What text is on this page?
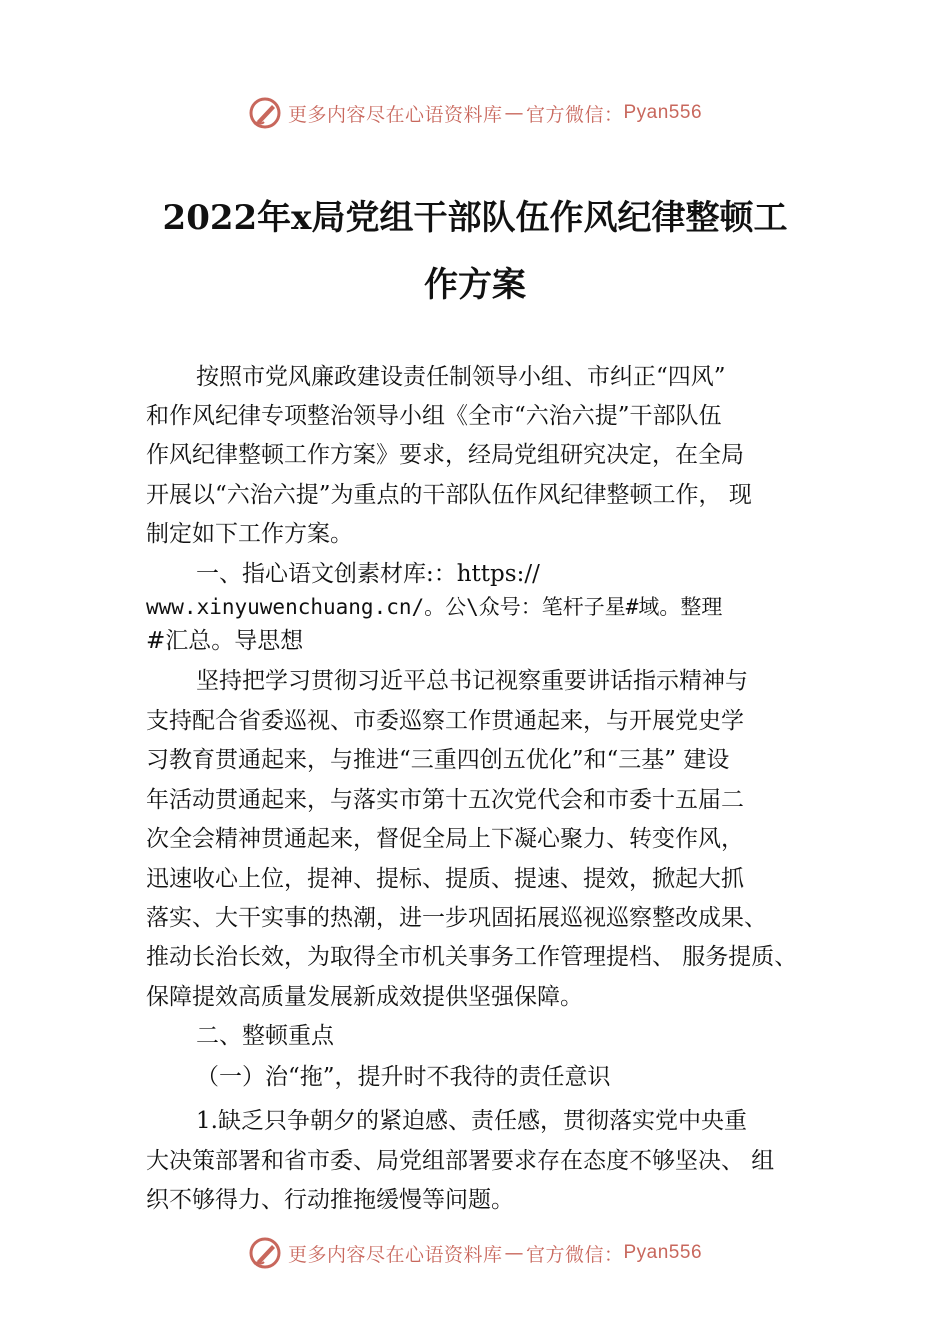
更多内容尽在心语资料库 — 官方微信： Pyan556
2022年x局党组干部队伍作风纪律整顿工
作方案
按照市党风廉政建设责任制领导小组、市纠正“四风”
和作风纪律专项整治领导小组《全市“六治六提”干部队伍
作风纪律整顿工作方案》要求，经局党组研究决定，在全局
开展以“六治六提”为重点的干部队伍作风纪律整顿工作， 现
制定如下工作方案。
一、指心语文创素材库:：https://
www.xinyuwenchuang.cn/。公\众号：笔杆子星#域。整理
#汇总。导思想
坚持把学习贯彻习近平总书记视察重要讲话指示精神与
支持配合省委巡视、市委巡察工作贯通起来，与开展党史学
习教育贯通起来，与推进“三重四创五优化”和“三基” 建设
年活动贯通起来，与落实市第十五次党代会和市委十五届二
次全会精神贯通起来，督促全局上下凝心聚力、转变作风，
迅速收心上位，提神、提标、提质、提速、提效，掀起大抓
落实、大干实事的热潮，进一步巩固拓展巡视巡察整改成果、
推动长治长效，为取得全市机关事务工作管理提档、 服务提质、
保障提效高质量发展新成效提供坚强保障。
二、整顿重点
（一）治“拖”，提升时不我待的责任意识
1.缺乏只争朝夕的紧迫感、责任感，贯彻落实党中央重
大决策部署和省市委、局党组部署要求存在态度不够坚决、 组
织不够得力、行动推拖缓慢等问题。
更多内容尽在心语资料库 — 官方微信： Pyan556
